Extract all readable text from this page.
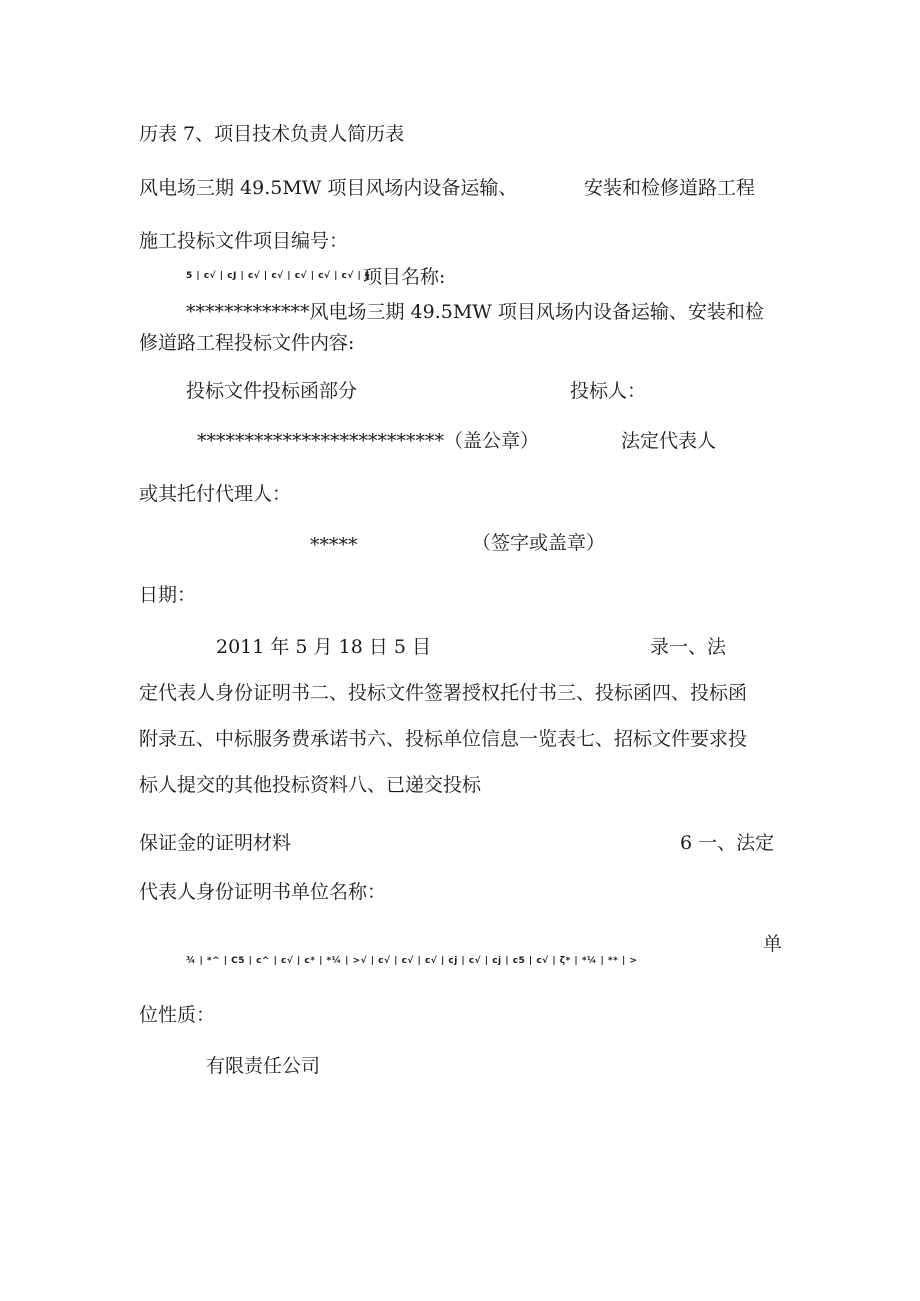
历表 7、项目技术负责人简历表
风电场三期 49.5MW 项目风场内设备运输、	安装和检修道路工程
施工投标文件项目编号：
5 | c√ | cJ | c√ | c√ | c√ | c√ | c√ | §
项目名称:
*************风电场三期 49.5MW 项目风场内设备运输、安装和检
修道路工程投标文件内容:
投标文件投标函部分	投标人：
**************************（盖公章）	法定代表人
或其托付代理人：
*****	（签字或盖章）
日期：
2011 年 5 月 18 日 5 目	录一、法
定代表人身份证明书二、投标文件签署授权托付书三、投标函四、投标函
附录五、中标服务费承诺书六、投标单位信息一览表七、招标文件要求投
标人提交的其他投标资料八、已递交投标
保证金的证明材料	6 一、法定
代表人身份证明书单位名称：
单
¾ | *^ | C5 | c^ | c√ | c* | *¼ | >√ | c√ | c√ | c√ | cj | c√ | cj | c5 | c√ | ζ* | *¼ | ** | >
位性质：
有限责任公司
